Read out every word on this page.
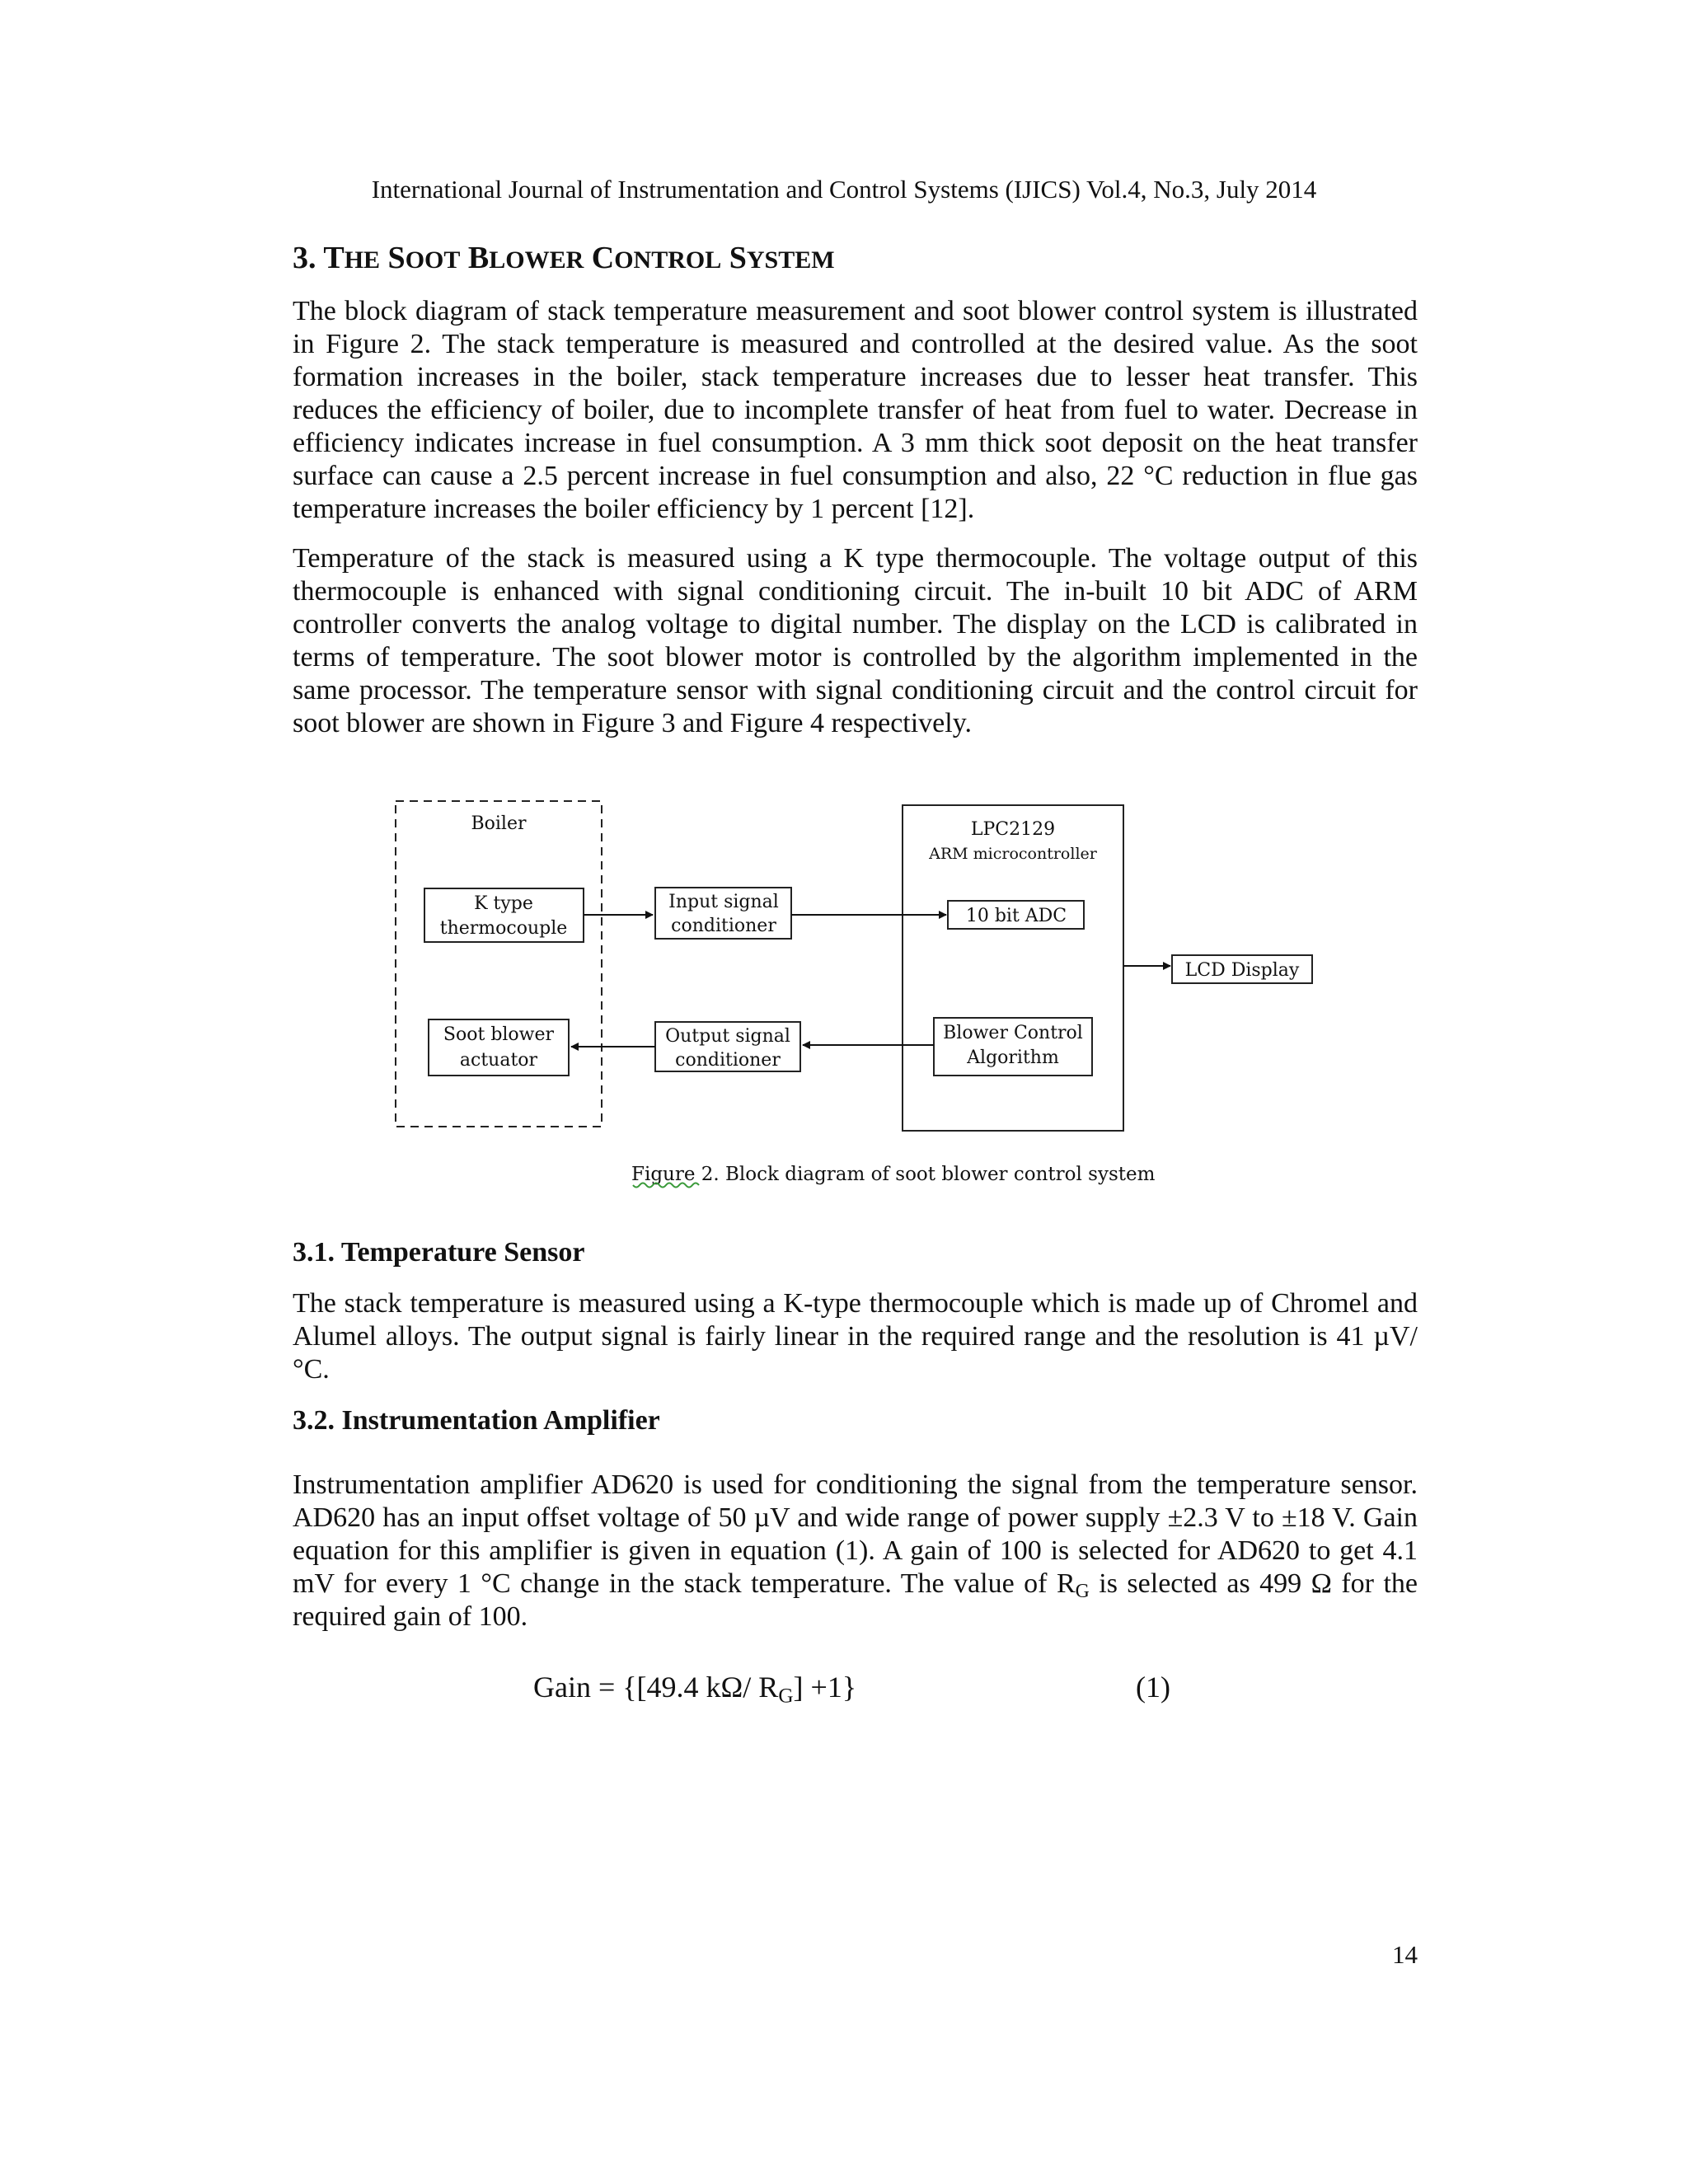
International Journal of Instrumentation and Control Systems (IJICS) Vol.4, No.3, July 2014
3. THE SOOT BLOWER CONTROL SYSTEM

The block diagram of stack temperature measurement and soot blower control system is illustrated in Figure 2. The stack temperature is measured and controlled at the desired value. As the soot formation increases in the boiler, stack temperature increases due to lesser heat transfer. This reduces the efficiency of boiler, due to incomplete transfer of heat from fuel to water. Decrease in efficiency indicates increase in fuel consumption. A 3 mm thick soot deposit on the heat transfer surface can cause a 2.5 percent increase in fuel consumption and also, 22 °C reduction in flue gas temperature increases the boiler efficiency by 1 percent [12].

Temperature of the stack is measured using a K type thermocouple. The voltage output of this thermocouple is enhanced with signal conditioning circuit. The in-built 10 bit ADC of ARM controller converts the analog voltage to digital number. The display on the LCD is calibrated in terms of temperature. The soot blower motor is controlled by the algorithm implemented in the same processor. The temperature sensor with signal conditioning circuit and the control circuit for soot blower are shown in Figure 3 and Figure 4 respectively.

Boiler
K type
thermocouple
Soot blower
actuator
Input signal
conditioner
Output signal
conditioner
LPC2129
ARM microcontroller
10 bit ADC
Blower Control
Algorithm
LCD Display
Figure 2. Block diagram of soot blower control system
3.1. Temperature Sensor

The stack temperature is measured using a K-type thermocouple which is made up of Chromel and Alumel alloys. The output signal is fairly linear in the required range and the resolution is 41 µV/°C.

3.2. Instrumentation Amplifier

Instrumentation amplifier AD620 is used for conditioning the signal from the temperature sensor. AD620 has an input offset voltage of 50 µV and wide range of power supply ±2.3 V to ±18 V. Gain equation for this amplifier is given in equation (1). A gain of 100 is selected for AD620 to get 4.1 mV for every 1 °C change in the stack temperature. The value of $R_G$ is selected as 499 Ω for the required gain of 100.

Gain = {[49.4 kΩ/ $R_G] +1$}	(1)
14
